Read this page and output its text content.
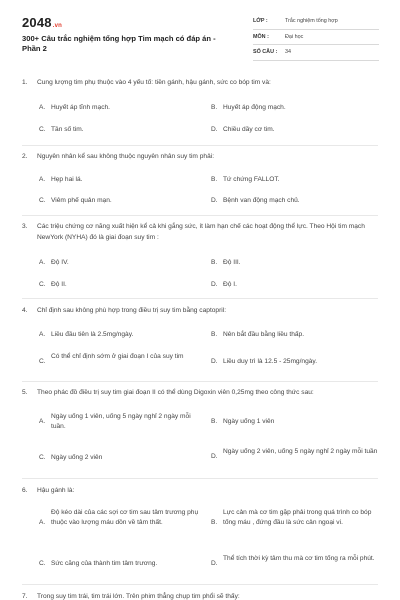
2048.vn
300+ Câu trắc nghiệm tổng hợp Tim mạch có đáp án - Phần 2
LỚP :	Trắc nghiệm tổng hợp
MÔN :	Đại học
SỐ CÂU : 34
1. Cung lượng tim phụ thuộc vào 4 yếu tố: tiền gánh, hậu gánh, sức co bóp tim và:
A. Huyết áp tĩnh mạch.	B. Huyết áp động mạch.
C. Tần số tim.	D. Chiều dầy cơ tim.
2. Nguyên nhân kể sau không thuộc nguyên nhân suy tim phải:
A. Hẹp hai lá.	B. Tứ chứng FALLOT.
C. Viêm phế quản mạn.	D. Bệnh van động mạch chủ.
3. Các triệu chứng cơ năng xuất hiện kể cả khi gắng sức, ít làm hạn chế các hoạt động thể lực. Theo Hội tim mạch NewYork (NYHA) đó là giai đoạn suy tim :
A. Độ IV.	B. Độ III.
C. Độ II.	D. Độ I.
4. Chỉ định sau không phù hợp trong điều trị suy tim bằng captopril:
A. Liều đầu tiên là 2.5mg/ngày.	B. Nên bắt đầu bằng liều thấp.
C.
Có thể chỉ định sớm ở giai đoạn I của suy tim
D. Liều duy trì là 12.5 - 25mg/ngày.
5. Theo phác đồ điều trị suy tim giai đoạn II có thể dùng Digoxin viên 0,25mg theo công thức sau:
A.
Ngày uống 1 viên, uống 5 ngày nghỉ 2 ngày mỗi tuần.
B. Ngày uống 1 viên
C. Ngày uống 2 viên	D.
Ngày uống 2 viên, uống 5 ngày nghỉ 2 ngày mỗi tuần
6. Hậu gánh là:
A.
Độ kéo dài của các sợi cơ tim sau tâm trương phụ thuộc vào lượng máu dồn về tâm thất.	B.
Lực cản mà cơ tim gặp phải trong quá trình co bóp tống máu , đứng đầu là sức cản ngoại vi.
C. Sức căng của thành tim tâm trương.	D.
Thể tích thời kỳ tâm thu mà cơ tim tống ra mỗi phút.
7. Trong suy tim trái, tim trái lớn. Trên phim thẳng chụp tim phổi sẽ thấy:
